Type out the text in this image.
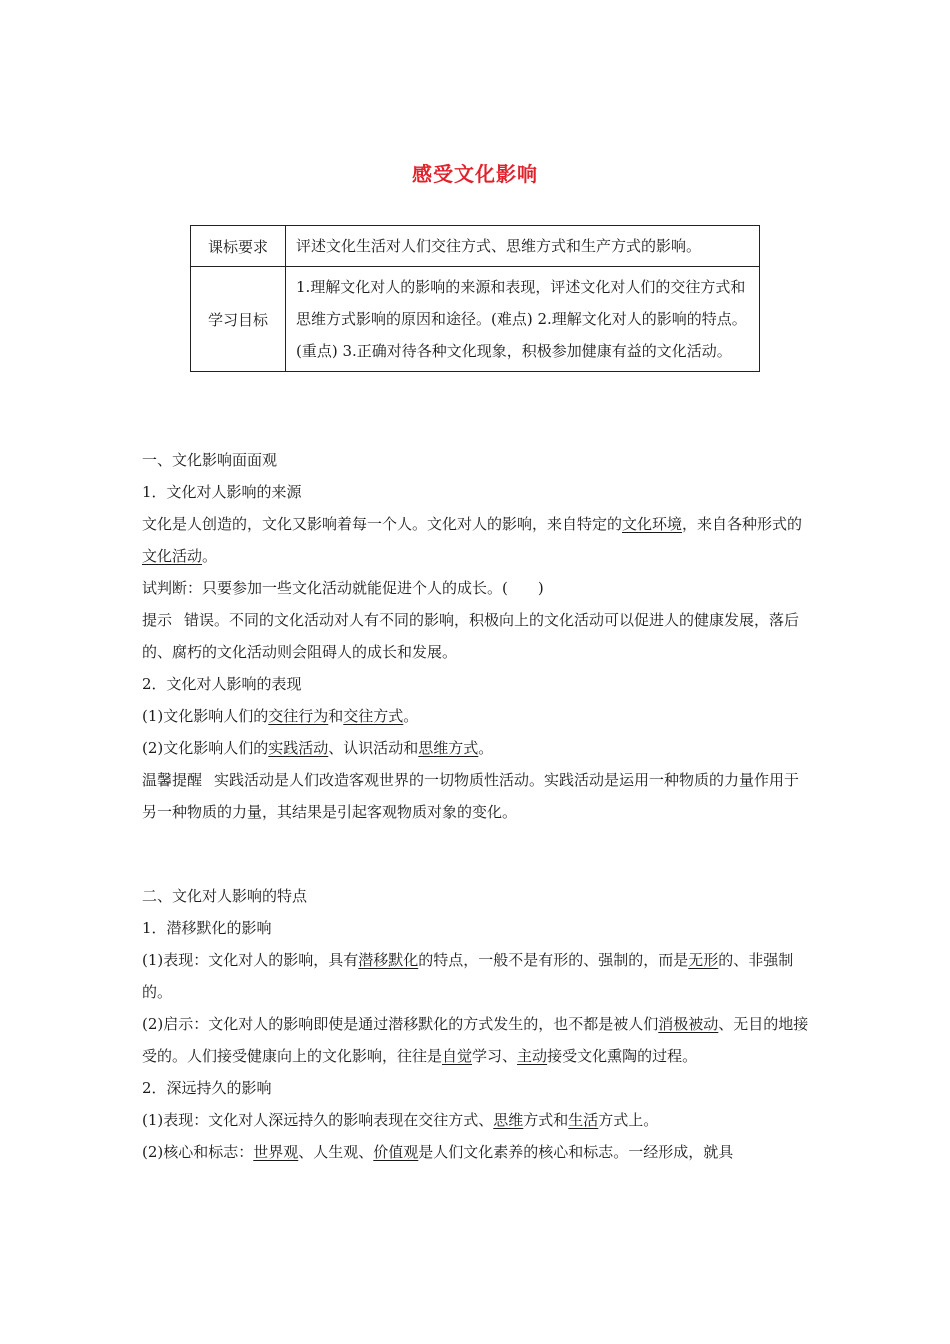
感受文化影响
课标要求	评述文化生活对人们交往方式、思维方式和生产方式的影响。
学习目标	1.理解文化对人的影响的来源和表现，评述文化对人们的交往方式和思维方式影响的原因和途径。(难点) 2.理解文化对人的影响的特点。(重点) 3.正确对待各种文化现象，积极参加健康有益的文化活动。

一、文化影响面面观

1．文化对人影响的来源

文化是人创造的，文化又影响着每一个人。文化对人的影响，来自特定的文化环境，来自各种形式的文化活动。

试判断：只要参加一些文化活动就能促进个人的成长。(　　)

提示 错误。不同的文化活动对人有不同的影响，积极向上的文化活动可以促进人的健康发展，落后的、腐朽的文化活动则会阻碍人的成长和发展。

2．文化对人影响的表现

(1)文化影响人们的交往行为和交往方式。

(2)文化影响人们的实践活动、认识活动和思维方式。

温馨提醒 实践活动是人们改造客观世界的一切物质性活动。实践活动是运用一种物质的力量作用于另一种物质的力量，其结果是引起客观物质对象的变化。

二、文化对人影响的特点

1．潜移默化的影响

(1)表现：文化对人的影响，具有潜移默化的特点，一般不是有形的、强制的，而是无形的、非强制的。

(2)启示：文化对人的影响即使是通过潜移默化的方式发生的，也不都是被人们消极被动、无目的地接受的。人们接受健康向上的文化影响，往往是自觉学习、主动接受文化熏陶的过程。

2．深远持久的影响

(1)表现：文化对人深远持久的影响表现在交往方式、思维方式和生活方式上。

(2)核心和标志：世界观、人生观、价值观是人们文化素养的核心和标志。一经形成，就具
